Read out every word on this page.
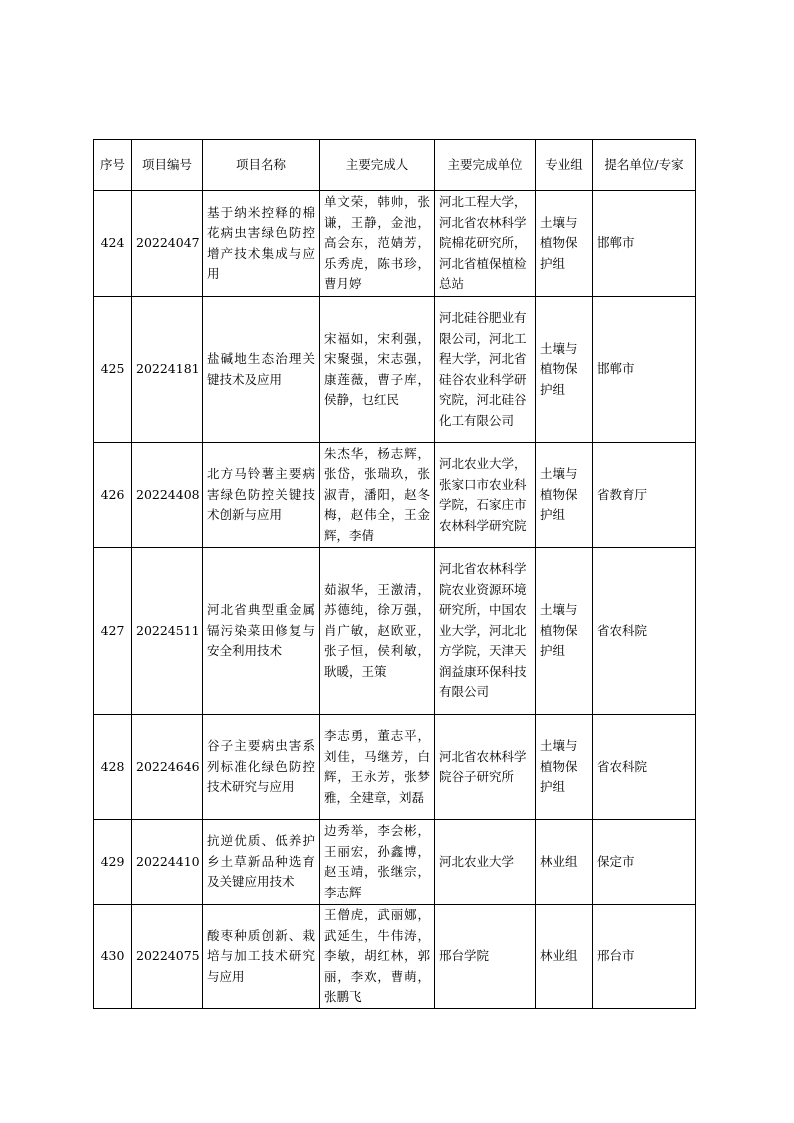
序号	项目编号	项目名称	主要完成人	主要完成单位	专业组	提名单位/专家
424	20224047	基于纳米控释的棉花病虫害绿色防控增产技术集成与应用	单文荣，韩帅，张谦，王静，金池，高会东，范婧芳，乐秀虎，陈书珍，曹月婷	河北工程大学，河北省农林科学院棉花研究所，河北省植保植检总站	土壤与植物保护组	邯郸市
425	20224181	盐碱地生态治理关键技术及应用	宋福如，宋利强，宋聚强，宋志强，康莲薇，曹子库，侯静，乜红民	河北硅谷肥业有限公司，河北工程大学，河北省硅谷农业科学研究院，河北硅谷化工有限公司	土壤与植物保护组	邯郸市
426	20224408	北方马铃薯主要病害绿色防控关键技术创新与应用	朱杰华，杨志辉，张岱，张瑞玖，张淑青，潘阳，赵冬梅，赵伟全，王金辉，李倩	河北农业大学，张家口市农业科学院，石家庄市农林科学研究院	土壤与植物保护组	省教育厅
427	20224511	河北省典型重金属镉污染菜田修复与安全利用技术	茹淑华，王激清，苏德纯，徐万强，肖广敏，赵欧亚，张子恒，侯利敏，耿暖，王策	河北省农林科学院农业资源环境研究所，中国农业大学，河北北方学院，天津天润益康环保科技有限公司	土壤与植物保护组	省农科院
428	20224646	谷子主要病虫害系列标准化绿色防控技术研究与应用	李志勇，董志平，刘佳，马继芳，白辉，王永芳，张梦雅，全建章，刘磊	河北省农林科学院谷子研究所	土壤与植物保护组	省农科院
429	20224410	抗逆优质、低养护乡土草新品种选育及关键应用技术	边秀举，李会彬，王丽宏，孙鑫博，赵玉靖，张继宗，李志辉	河北农业大学	林业组	保定市
430	20224075	酸枣种质创新、栽培与加工技术研究与应用	王僧虎，武丽娜，武延生，牛伟涛，李敏，胡红林，郭丽，李欢，曹萌，张鹏飞	邢台学院	林业组	邢台市
